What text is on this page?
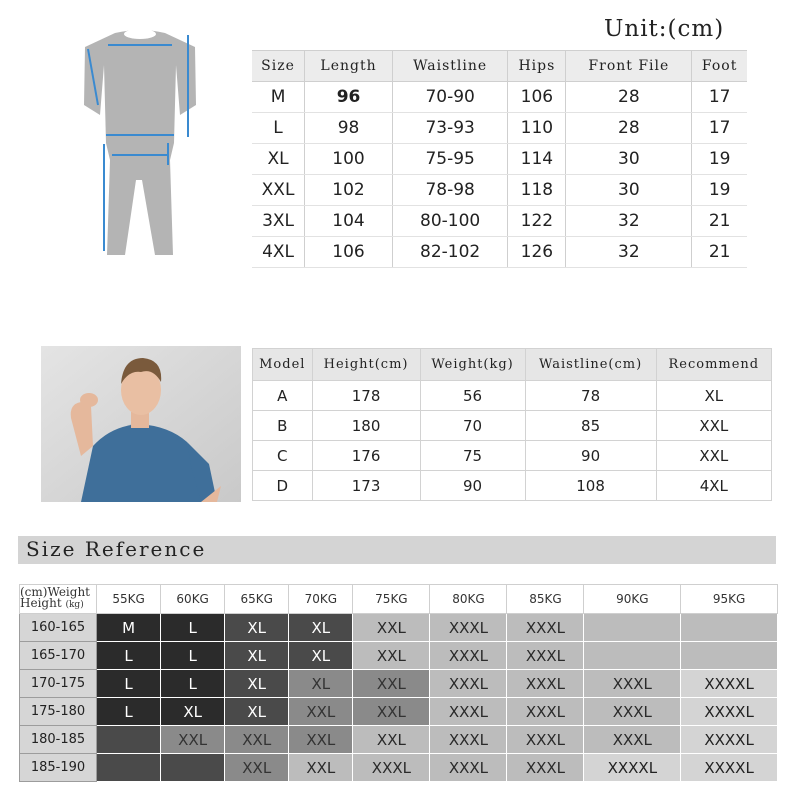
Unit:(cm)
Size	Length	Waistline	Hips	Front File	Foot
M	96	70-90	106	28	17
L	98	73-93	110	28	17
XL	100	75-95	114	30	19
XXL	102	78-98	118	30	19
3XL	104	80-100	122	32	21
4XL	106	82-102	126	32	21
Model	Height(cm)	Weight(kg)	Waistline(cm)	Recommend
A	178	56	78	XL
B	180	70	85	XXL
C	176	75	90	XXL
D	173	90	108	4XL
Size Reference
(cm)Weight
Height (kg)	55KG	60KG	65KG	70KG	75KG	80KG	85KG	90KG	95KG
160-165	M	L	XL	XL	XXL	XXXL	XXXL		
165-170	L	L	XL	XL	XXL	XXXL	XXXL		
170-175	L	L	XL	XL	XXL	XXXL	XXXL	XXXL	XXXXL
175-180	L	XL	XL	XXL	XXL	XXXL	XXXL	XXXL	XXXXL
180-185		XXL	XXL	XXL	XXL	XXXL	XXXL	XXXL	XXXXL
185-190			XXL	XXL	XXXL	XXXL	XXXL	XXXXL	XXXXL
